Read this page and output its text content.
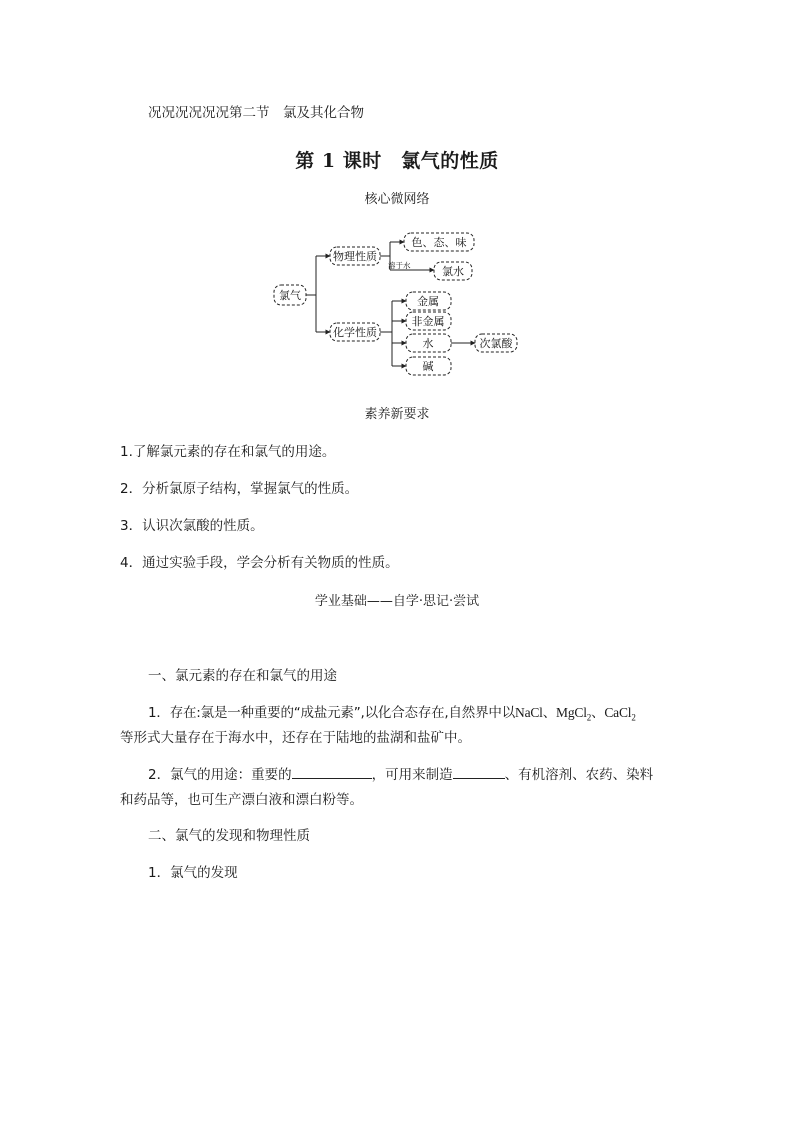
况况况况况况第二节　氯及其化合物
第 1 课时　氯气的性质
核心微网络
氯气
物理性质
化学性质
色、态、味
氯水
金属
非金属
水
碱
次氯酸
溶于水
素养新要求
1.了解氯元素的存在和氯气的用途。
2．分析氯原子结构，掌握氯气的性质。
3．认识次氯酸的性质。
4．通过实验手段，学会分析有关物质的性质。
学业基础——自学·思记·尝试
一、氯元素的存在和氯气的用途
1．存在:氯是一种重要的“成盐元素”,以化合态存在,自然界中以NaCl、MgCl$_2$、CaCl$_2$
等形式大量存在于海水中，还存在于陆地的盐湖和盐矿中。
2．氯气的用途：重要的	，可用来制造	、有机溶剂、农药、染料
和药品等，也可生产漂白液和漂白粉等。
二、氯气的发现和物理性质
1．氯气的发现
